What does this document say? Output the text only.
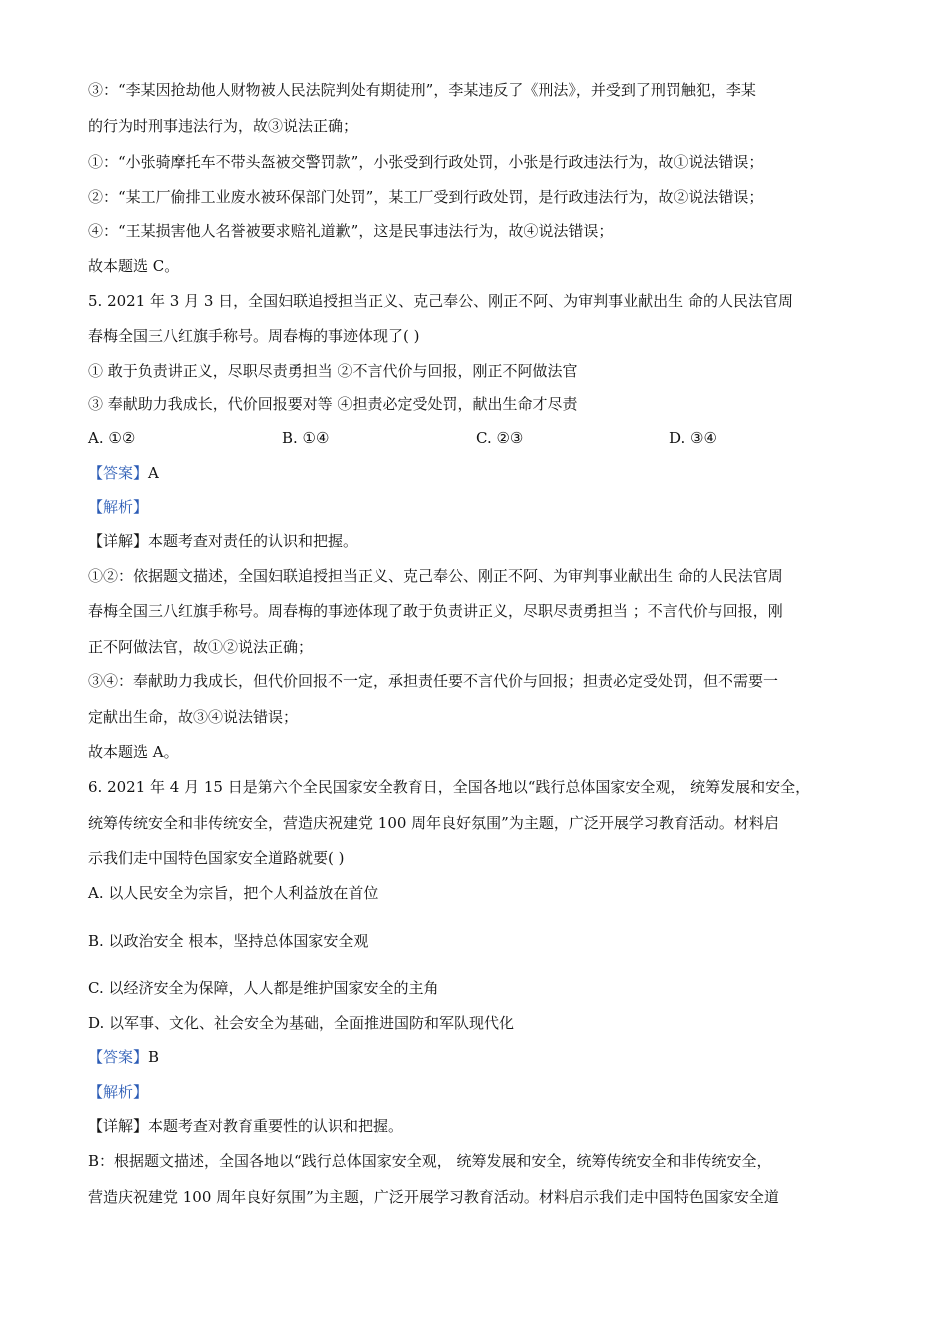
③：“李某因抢劫他人财物被人民法院判处有期徒刑”，李某违反了《刑法》，并受到了刑罚触犯，李某
的行为时刑事违法行为，故③说法正确；
①：“小张骑摩托车不带头盔被交警罚款”，小张受到行政处罚，小张是行政违法行为，故①说法错误；
②：“某工厂偷排工业废水被环保部门处罚”，某工厂受到行政处罚，是行政违法行为，故②说法错误；
④：“王某损害他人名誉被要求赔礼道歉”，这是民事违法行为，故④说法错误；
故本题选 C。
5. 2021 年 3 月 3 日，全国妇联追授担当正义、克己奉公、刚正不阿、为审判事业献出生 命的人民法官周
春梅全国三八红旗手称号。周春梅的事迹体现了( )
① 敢于负责讲正义，尽职尽责勇担当 ②不言代价与回报，刚正不阿做法官
③ 奉献助力我成长，代价回报要对等 ④担责必定受处罚，献出生命才尽责
A. ①②	B. ①④	C. ②③	D. ③④
【答案】A
【解析】
【详解】本题考查对责任的认识和把握。
①②：依据题文描述，全国妇联追授担当正义、克己奉公、刚正不阿、为审判事业献出生 命的人民法官周
春梅全国三八红旗手称号。周春梅的事迹体现了敢于负责讲正义，尽职尽责勇担当 ；不言代价与回报，刚
正不阿做法官，故①②说法正确；
③④：奉献助力我成长，但代价回报不一定，承担责任要不言代价与回报；担责必定受处罚，但不需要一
定献出生命，故③④说法错误；
故本题选 A。
6. 2021 年 4 月 15 日是第六个全民国家安全教育日，全国各地以“践行总体国家安全观， 统筹发展和安全，
统筹传统安全和非传统安全，营造庆祝建党 100 周年良好氛围”为主题，广泛开展学习教育活动。材料启
示我们走中国特色国家安全道路就要( )
A. 以人民安全为宗旨，把个人利益放在首位
B. 以政治安全 根本，坚持总体国家安全观
C. 以经济安全为保障，人人都是维护国家安全的主角
D. 以军事、文化、社会安全为基础，全面推进国防和军队现代化
【答案】B
【解析】
【详解】本题考查对教育重要性的认识和把握。
B：根据题文描述，全国各地以“践行总体国家安全观， 统筹发展和安全，统筹传统安全和非传统安全，
营造庆祝建党 100 周年良好氛围”为主题，广泛开展学习教育活动。材料启示我们走中国特色国家安全道
